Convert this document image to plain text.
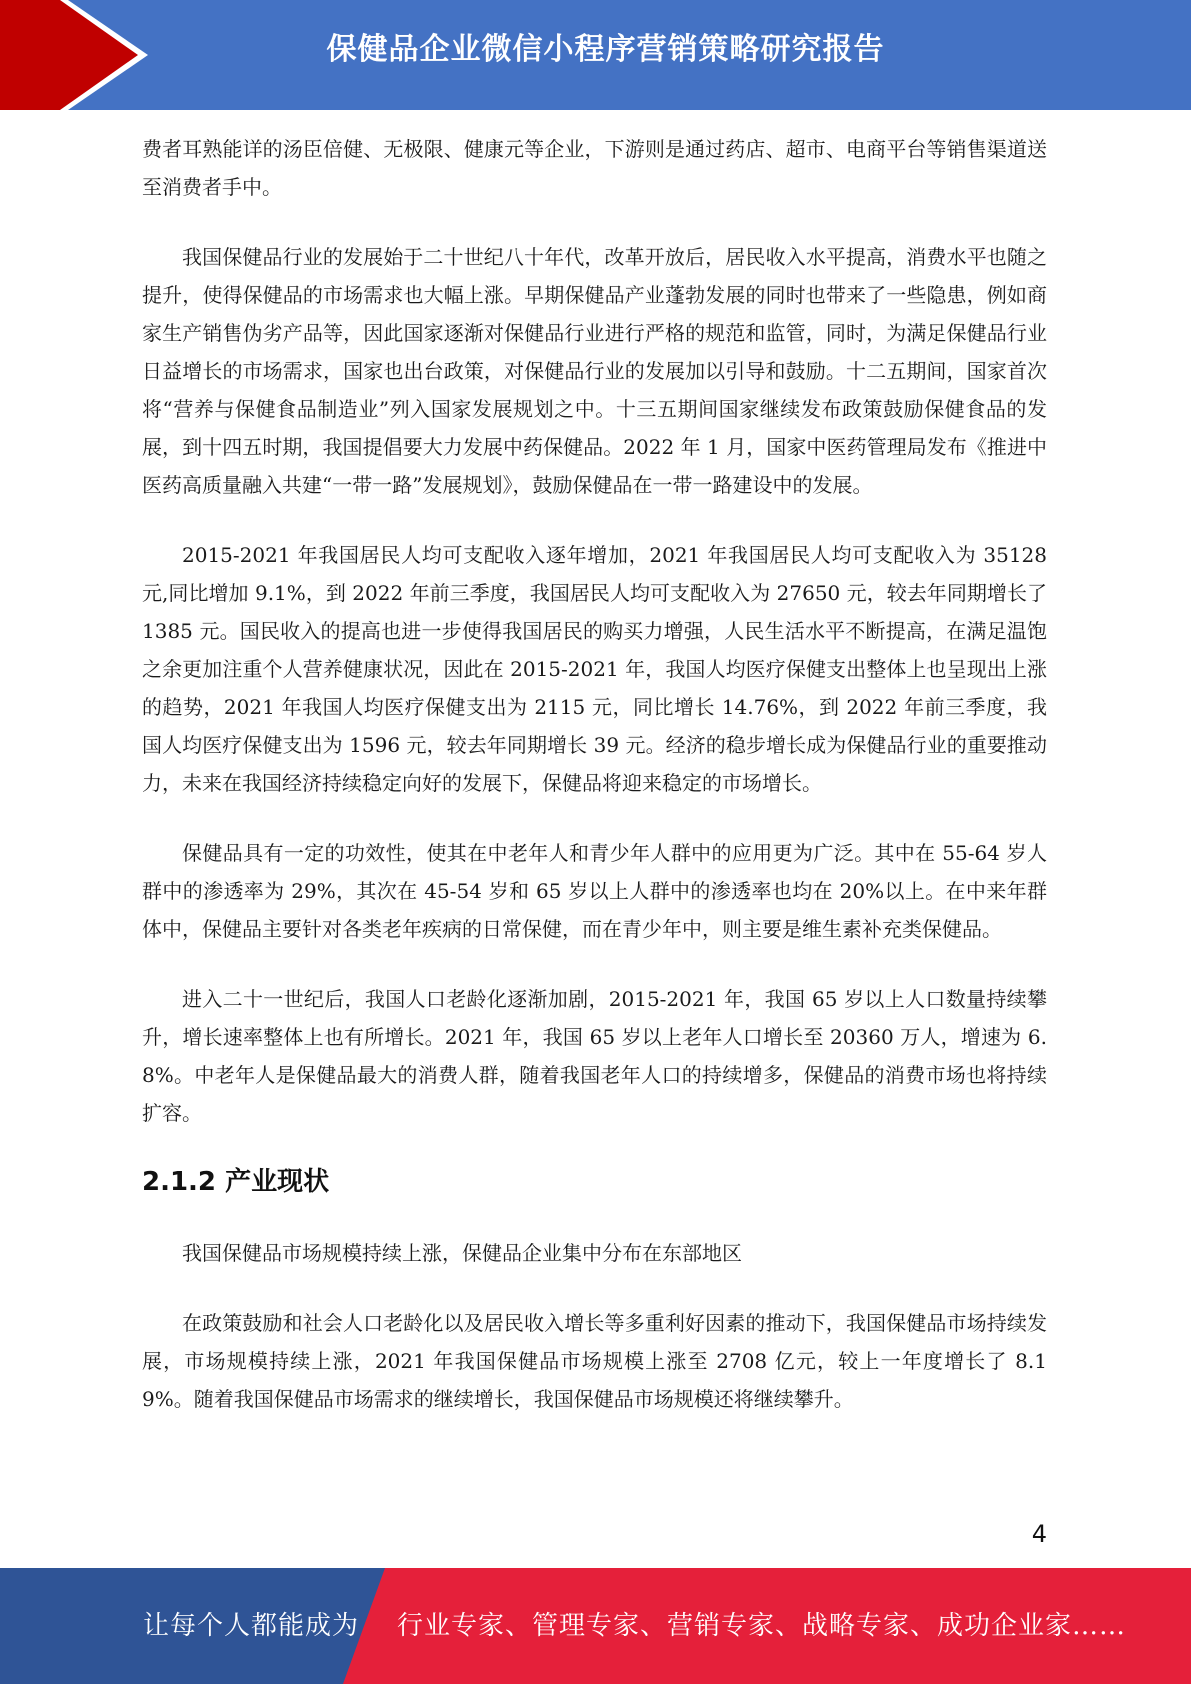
保健品企业微信小程序营销策略研究报告

费者耳熟能详的汤臣倍健、无极限、健康元等企业，下游则是通过药店、超市、电商平台等销售渠道送至消费者手中。

我国保健品行业的发展始于二十世纪八十年代，改革开放后，居民收入水平提高，消费水平也随之提升，使得保健品的市场需求也大幅上涨。早期保健品产业蓬勃发展的同时也带来了一些隐患，例如商家生产销售伪劣产品等，因此国家逐渐对保健品行业进行严格的规范和监管，同时，为满足保健品行业日益增长的市场需求，国家也出台政策，对保健品行业的发展加以引导和鼓励。十二五期间，国家首次将“营养与保健食品制造业”列入国家发展规划之中。十三五期间国家继续发布政策鼓励保健食品的发展，到十四五时期，我国提倡要大力发展中药保健品。2022 年 1 月，国家中医药管理局发布《推进中医药高质量融入共建“一带一路”发展规划》，鼓励保健品在一带一路建设中的发展。

2015-2021 年我国居民人均可支配收入逐年增加，2021 年我国居民人均可支配收入为 35128 元,同比增加 9.1%，到 2022 年前三季度，我国居民人均可支配收入为 27650 元，较去年同期增长了 1385 元。国民收入的提高也进一步使得我国居民的购买力增强，人民生活水平不断提高，在满足温饱之余更加注重个人营养健康状况，因此在 2015-2021 年，我国人均医疗保健支出整体上也呈现出上涨的趋势，2021 年我国人均医疗保健支出为 2115 元，同比增长 14.76%，到 2022 年前三季度，我国人均医疗保健支出为 1596 元，较去年同期增长 39 元。经济的稳步增长成为保健品行业的重要推动力，未来在我国经济持续稳定向好的发展下，保健品将迎来稳定的市场增长。

保健品具有一定的功效性，使其在中老年人和青少年人群中的应用更为广泛。其中在 55-64 岁人群中的渗透率为 29%，其次在 45-54 岁和 65 岁以上人群中的渗透率也均在 20%以上。在中来年群体中，保健品主要针对各类老年疾病的日常保健，而在青少年中，则主要是维生素补充类保健品。

进入二十一世纪后，我国人口老龄化逐渐加剧，2015-2021 年，我国 65 岁以上人口数量持续攀升，增长速率整体上也有所增长。2021 年，我国 65 岁以上老年人口增长至 20360 万人，增速为 6.8%。中老年人是保健品最大的消费人群，随着我国老年人口的持续增多，保健品的消费市场也将持续扩容。

2.1.2 产业现状

我国保健品市场规模持续上涨，保健品企业集中分布在东部地区

在政策鼓励和社会人口老龄化以及居民收入增长等多重利好因素的推动下，我国保健品市场持续发展，市场规模持续上涨，2021 年我国保健品市场规模上涨至 2708 亿元，较上一年度增长了 8.19%。随着我国保健品市场需求的继续增长，我国保健品市场规模还将继续攀升。

4
让每个人都能成为 行业专家、管理专家、营销专家、战略专家、成功企业家……
